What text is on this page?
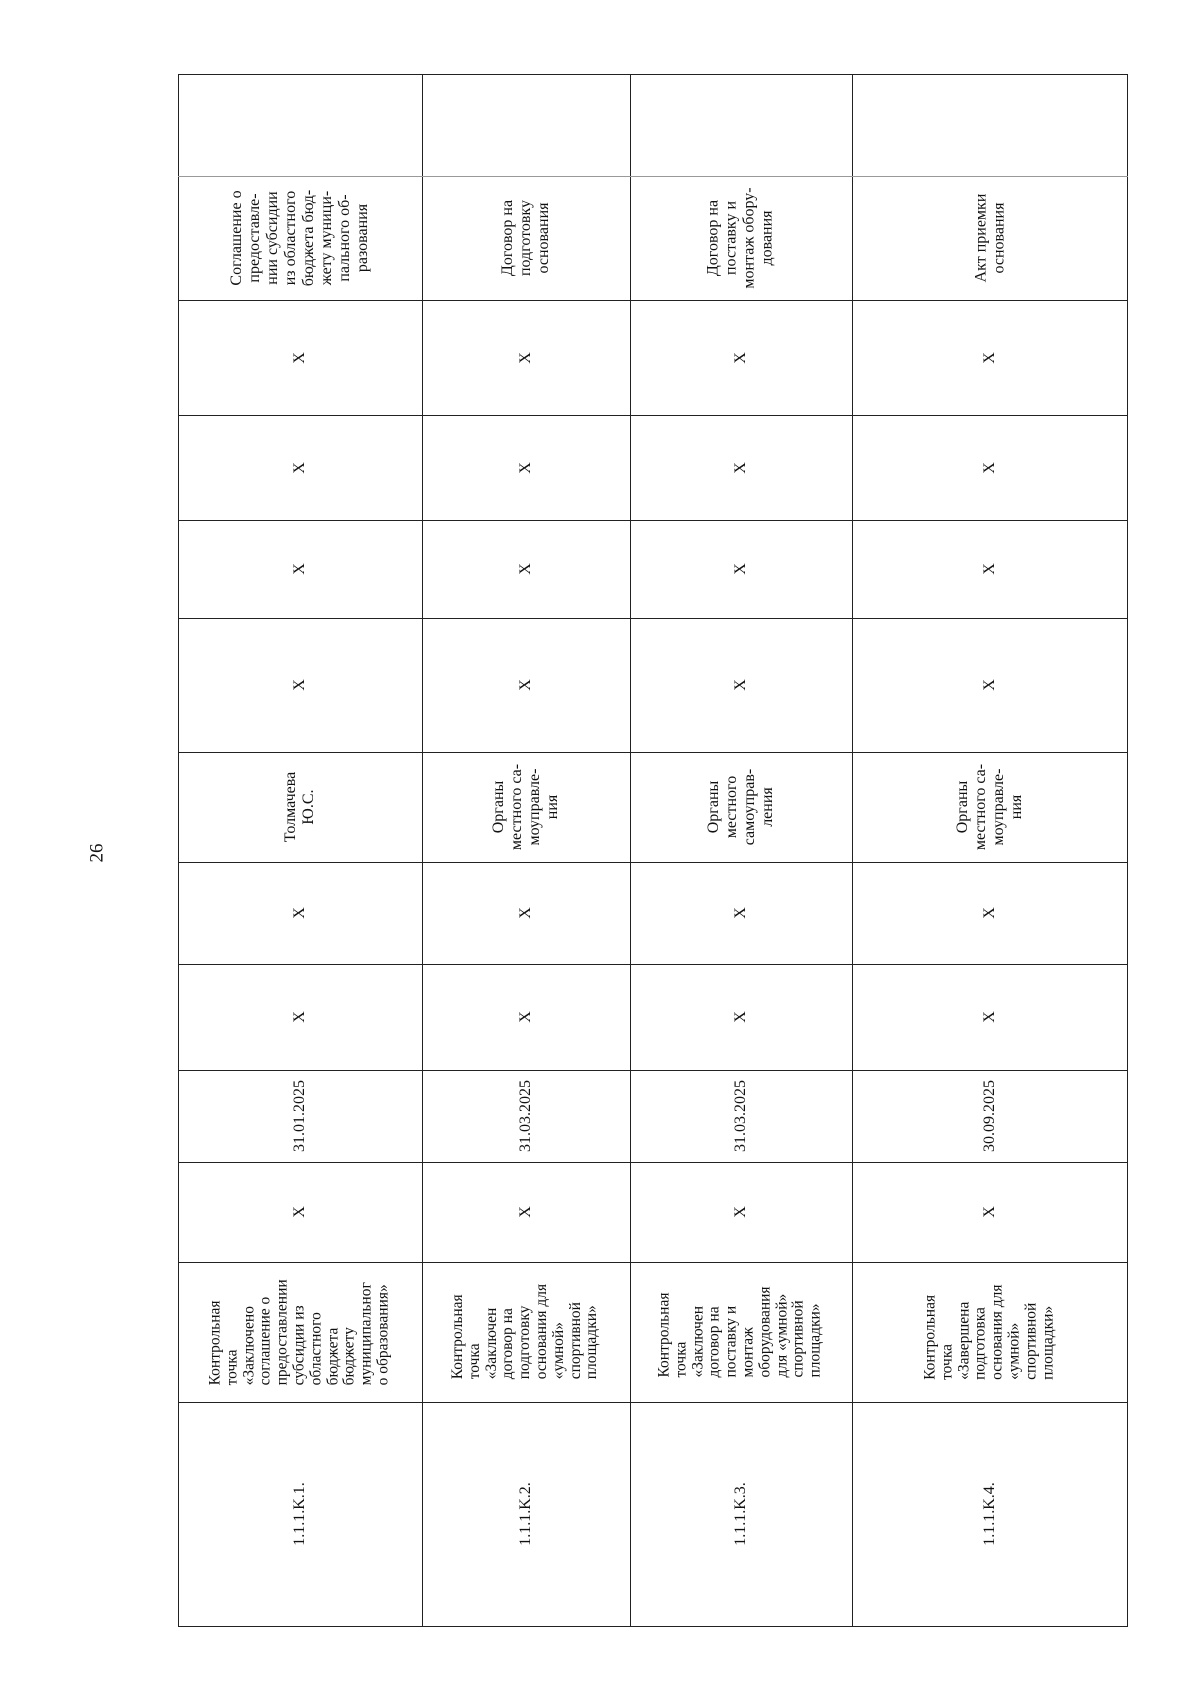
26
Соглашение о
предоставле-
нии субсидии
из областного
бюджета бюд-
жету муници-
пального об-
разования
X
X
X
X
Толмачева
Ю.С.
X
X
31.01.2025
X
Контрольная
точка
«Заключено
соглашение о
предоставлении
субсидии из
областного
бюджета
бюджету
муниципальног
о образования»
1.1.1.K.1.
Договор на
подготовку
основания
X
X
X
X
Органы
местного са-
моуправле-
ния
X
X
31.03.2025
X
Контрольная
точка
«Заключен
договор на
подготовку
основания для
«умной»
спортивной
площадки»
1.1.1.K.2.
Договор на
поставку и
монтаж обору-
дования
X
X
X
X
Органы
местного
самоуправ-
ления
X
X
31.03.2025
X
Контрольная
точка
«Заключен
договор на
поставку и
монтаж
оборудования
для «умной»
спортивной
площадки»
1.1.1.K.3.
Акт приемки
основания
X
X
X
X
Органы
местного са-
моуправле-
ния
X
X
30.09.2025
X
Контрольная
точка
«Завершена
подготовка
основания для
«умной»
спортивной
площадки»
1.1.1.K.4.
